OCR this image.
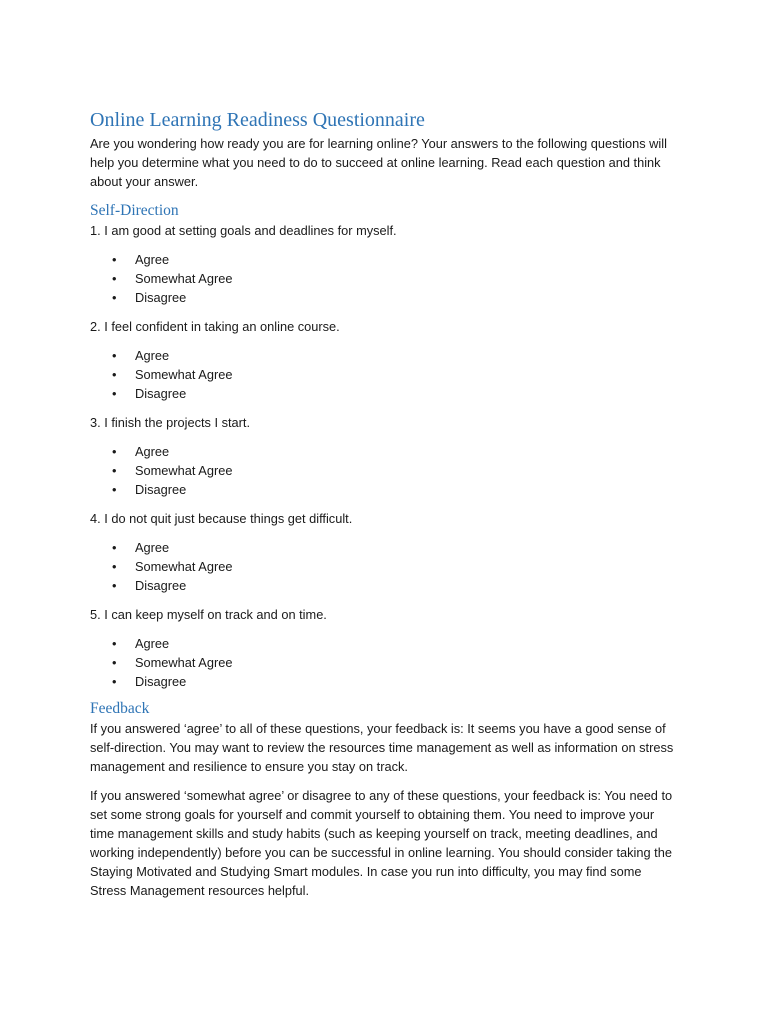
Online Learning Readiness Questionnaire

Are you wondering how ready you are for learning online? Your answers to the following questions will help you determine what you need to do to succeed at online learning. Read each question and think about your answer.

Self-Direction

1. I am good at setting goals and deadlines for myself.

• Agree
• Somewhat Agree
• Disagree

2. I feel confident in taking an online course.

• Agree
• Somewhat Agree
• Disagree

3. I finish the projects I start.

• Agree
• Somewhat Agree
• Disagree

4. I do not quit just because things get difficult.

• Agree
• Somewhat Agree
• Disagree

5. I can keep myself on track and on time.

• Agree
• Somewhat Agree
• Disagree
Feedback

If you answered ‘agree’ to all of these questions, your feedback is: It seems you have a good sense of self-direction. You may want to review the resources time management as well as information on stress management and resilience to ensure you stay on track.

If you answered ‘somewhat agree’ or disagree to any of these questions, your feedback is: You need to set some strong goals for yourself and commit yourself to obtaining them. You need to improve your time management skills and study habits (such as keeping yourself on track, meeting deadlines, and working independently) before you can be successful in online learning. You should consider taking the Staying Motivated and Studying Smart modules. In case you run into difficulty, you may find some Stress Management resources helpful.
